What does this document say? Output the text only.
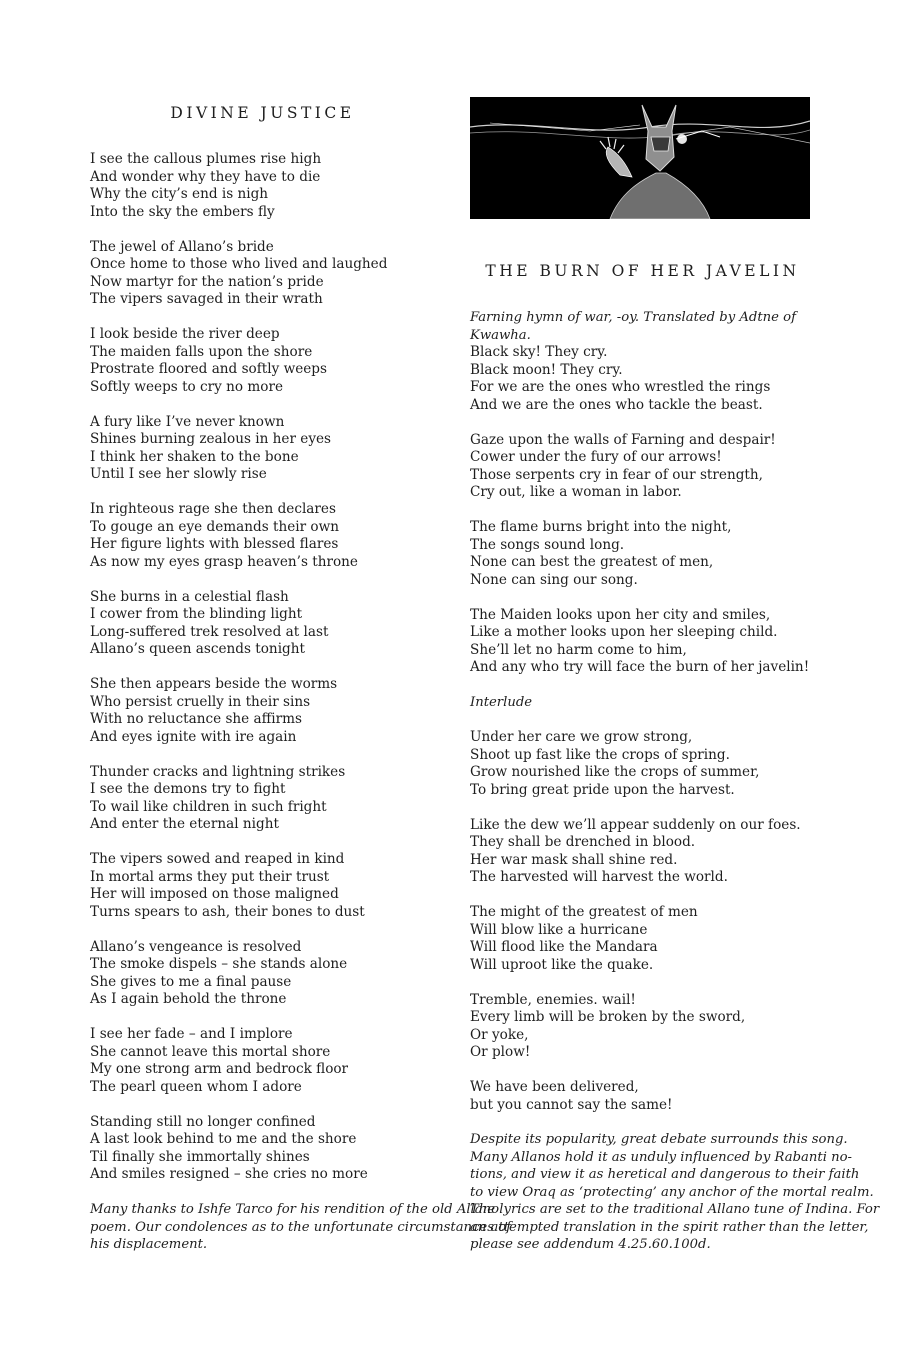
DIVINE JUSTICE
I see the callous plumes rise high
And wonder why they have to die
Why the city’s end is nigh
Into the sky the embers fly
The jewel of Allano’s bride
Once home to those who lived and laughed
Now martyr for the nation’s pride
The vipers savaged in their wrath
I look beside the river deep
The maiden falls upon the shore
Prostrate floored and softly weeps
Softly weeps to cry no more
A fury like I’ve never known
Shines burning zealous in her eyes
I think her shaken to the bone
Until I see her slowly rise
In righteous rage she then declares
To gouge an eye demands their own
Her figure lights with blessed flares
As now my eyes grasp heaven’s throne
She burns in a celestial flash
I cower from the blinding light
Long-suffered trek resolved at last
Allano’s queen ascends tonight
She then appears beside the worms
Who persist cruelly in their sins
With no reluctance she affirms
And eyes ignite with ire again
Thunder cracks and lightning strikes
I see the demons try to fight
To wail like children in such fright
And enter the eternal night
The vipers sowed and reaped in kind
In mortal arms they put their trust
Her will imposed on those maligned
Turns spears to ash, their bones to dust
Allano’s vengeance is resolved
The smoke dispels – she stands alone
She gives to me a final pause
As I again behold the throne
I see her fade – and I implore
She cannot leave this mortal shore
My one strong arm and bedrock floor
The pearl queen whom I adore
Standing still no longer confined
A last look behind to me and the shore
Til finally she immortally shines
And smiles resigned – she cries no more
Many thanks to Ishfe Tarco for his rendition of the old Allano
poem. Our condolences as to the unfortunate circumstances of
his displacement.
THE BURN OF HER JAVELIN
Farning hymn of war, -oy. Translated by Adtne of Kwawha.
Black sky! They cry.
Black moon! They cry.
For we are the ones who wrestled the rings
And we are the ones who tackle the beast.
Gaze upon the walls of Farning and despair!
Cower under the fury of our arrows!
Those serpents cry in fear of our strength,
Cry out, like a woman in labor.
The flame burns bright into the night,
The songs sound long.
None can best the greatest of men,
None can sing our song.
The Maiden looks upon her city and smiles,
Like a mother looks upon her sleeping child.
She’ll let no harm come to him,
And any who try will face the burn of her javelin!
Interlude
Under her care we grow strong,
Shoot up fast like the crops of spring.
Grow nourished like the crops of summer,
To bring great pride upon the harvest.
Like the dew we’ll appear suddenly on our foes.
They shall be drenched in blood.
Her war mask shall shine red.
The harvested will harvest the world.
The might of the greatest of men
Will blow like a hurricane
Will flood like the Mandara
Will uproot like the quake.
Tremble, enemies. wail!
Every limb will be broken by the sword,
Or yoke,
Or plow!
We have been delivered,
but you cannot say the same!
Despite its popularity, great debate surrounds this song.
Many Allanos hold it as unduly influenced by Rabanti no-
tions, and view it as heretical and dangerous to their faith
to view Oraq as ‘protecting’ any anchor of the mortal realm.
The lyrics are set to the traditional Allano tune of Indina. For
an attempted translation in the spirit rather than the letter,
please see addendum 4.25.60.100d.
